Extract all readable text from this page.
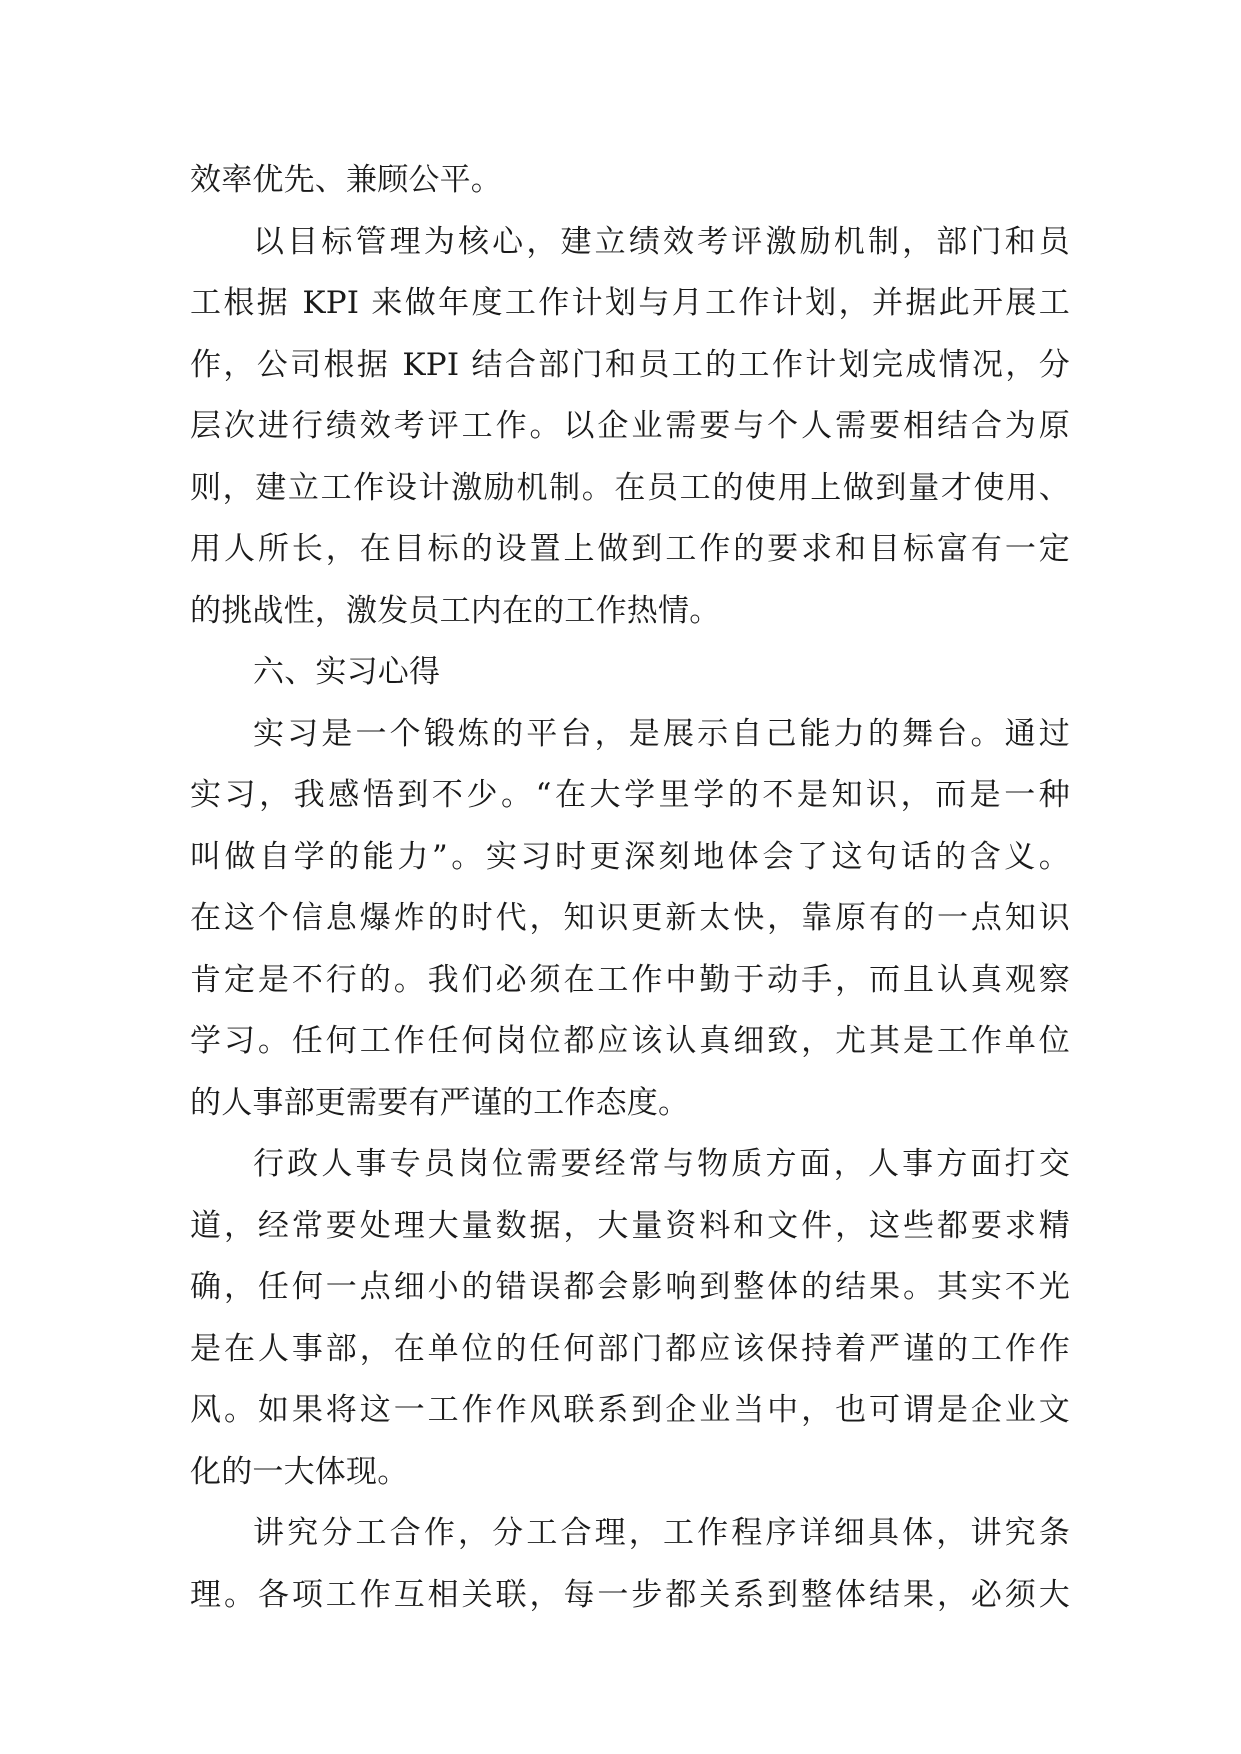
效率优先、兼顾公平。
以目标管理为核心，建立绩效考评激励机制，部门和员
工根据 KPI 来做年度工作计划与月工作计划，并据此开展工
作，公司根据 KPI 结合部门和员工的工作计划完成情况，分
层次进行绩效考评工作。以企业需要与个人需要相结合为原
则，建立工作设计激励机制。在员工的使用上做到量才使用、
用人所长，在目标的设置上做到工作的要求和目标富有一定
的挑战性，激发员工内在的工作热情。
六、实习心得
实习是一个锻炼的平台，是展示自己能力的舞台。通过
实习，我感悟到不少。“在大学里学的不是知识，而是一种
叫做自学的能力”。实习时更深刻地体会了这句话的含义。
在这个信息爆炸的时代，知识更新太快，靠原有的一点知识
肯定是不行的。我们必须在工作中勤于动手，而且认真观察
学习。任何工作任何岗位都应该认真细致，尤其是工作单位
的人事部更需要有严谨的工作态度。
行政人事专员岗位需要经常与物质方面，人事方面打交
道，经常要处理大量数据，大量资料和文件，这些都要求精
确，任何一点细小的错误都会影响到整体的结果。其实不光
是在人事部，在单位的任何部门都应该保持着严谨的工作作
风。如果将这一工作作风联系到企业当中，也可谓是企业文
化的一大体现。
讲究分工合作，分工合理，工作程序详细具体，讲究条
理。各项工作互相关联，每一步都关系到整体结果，必须大
